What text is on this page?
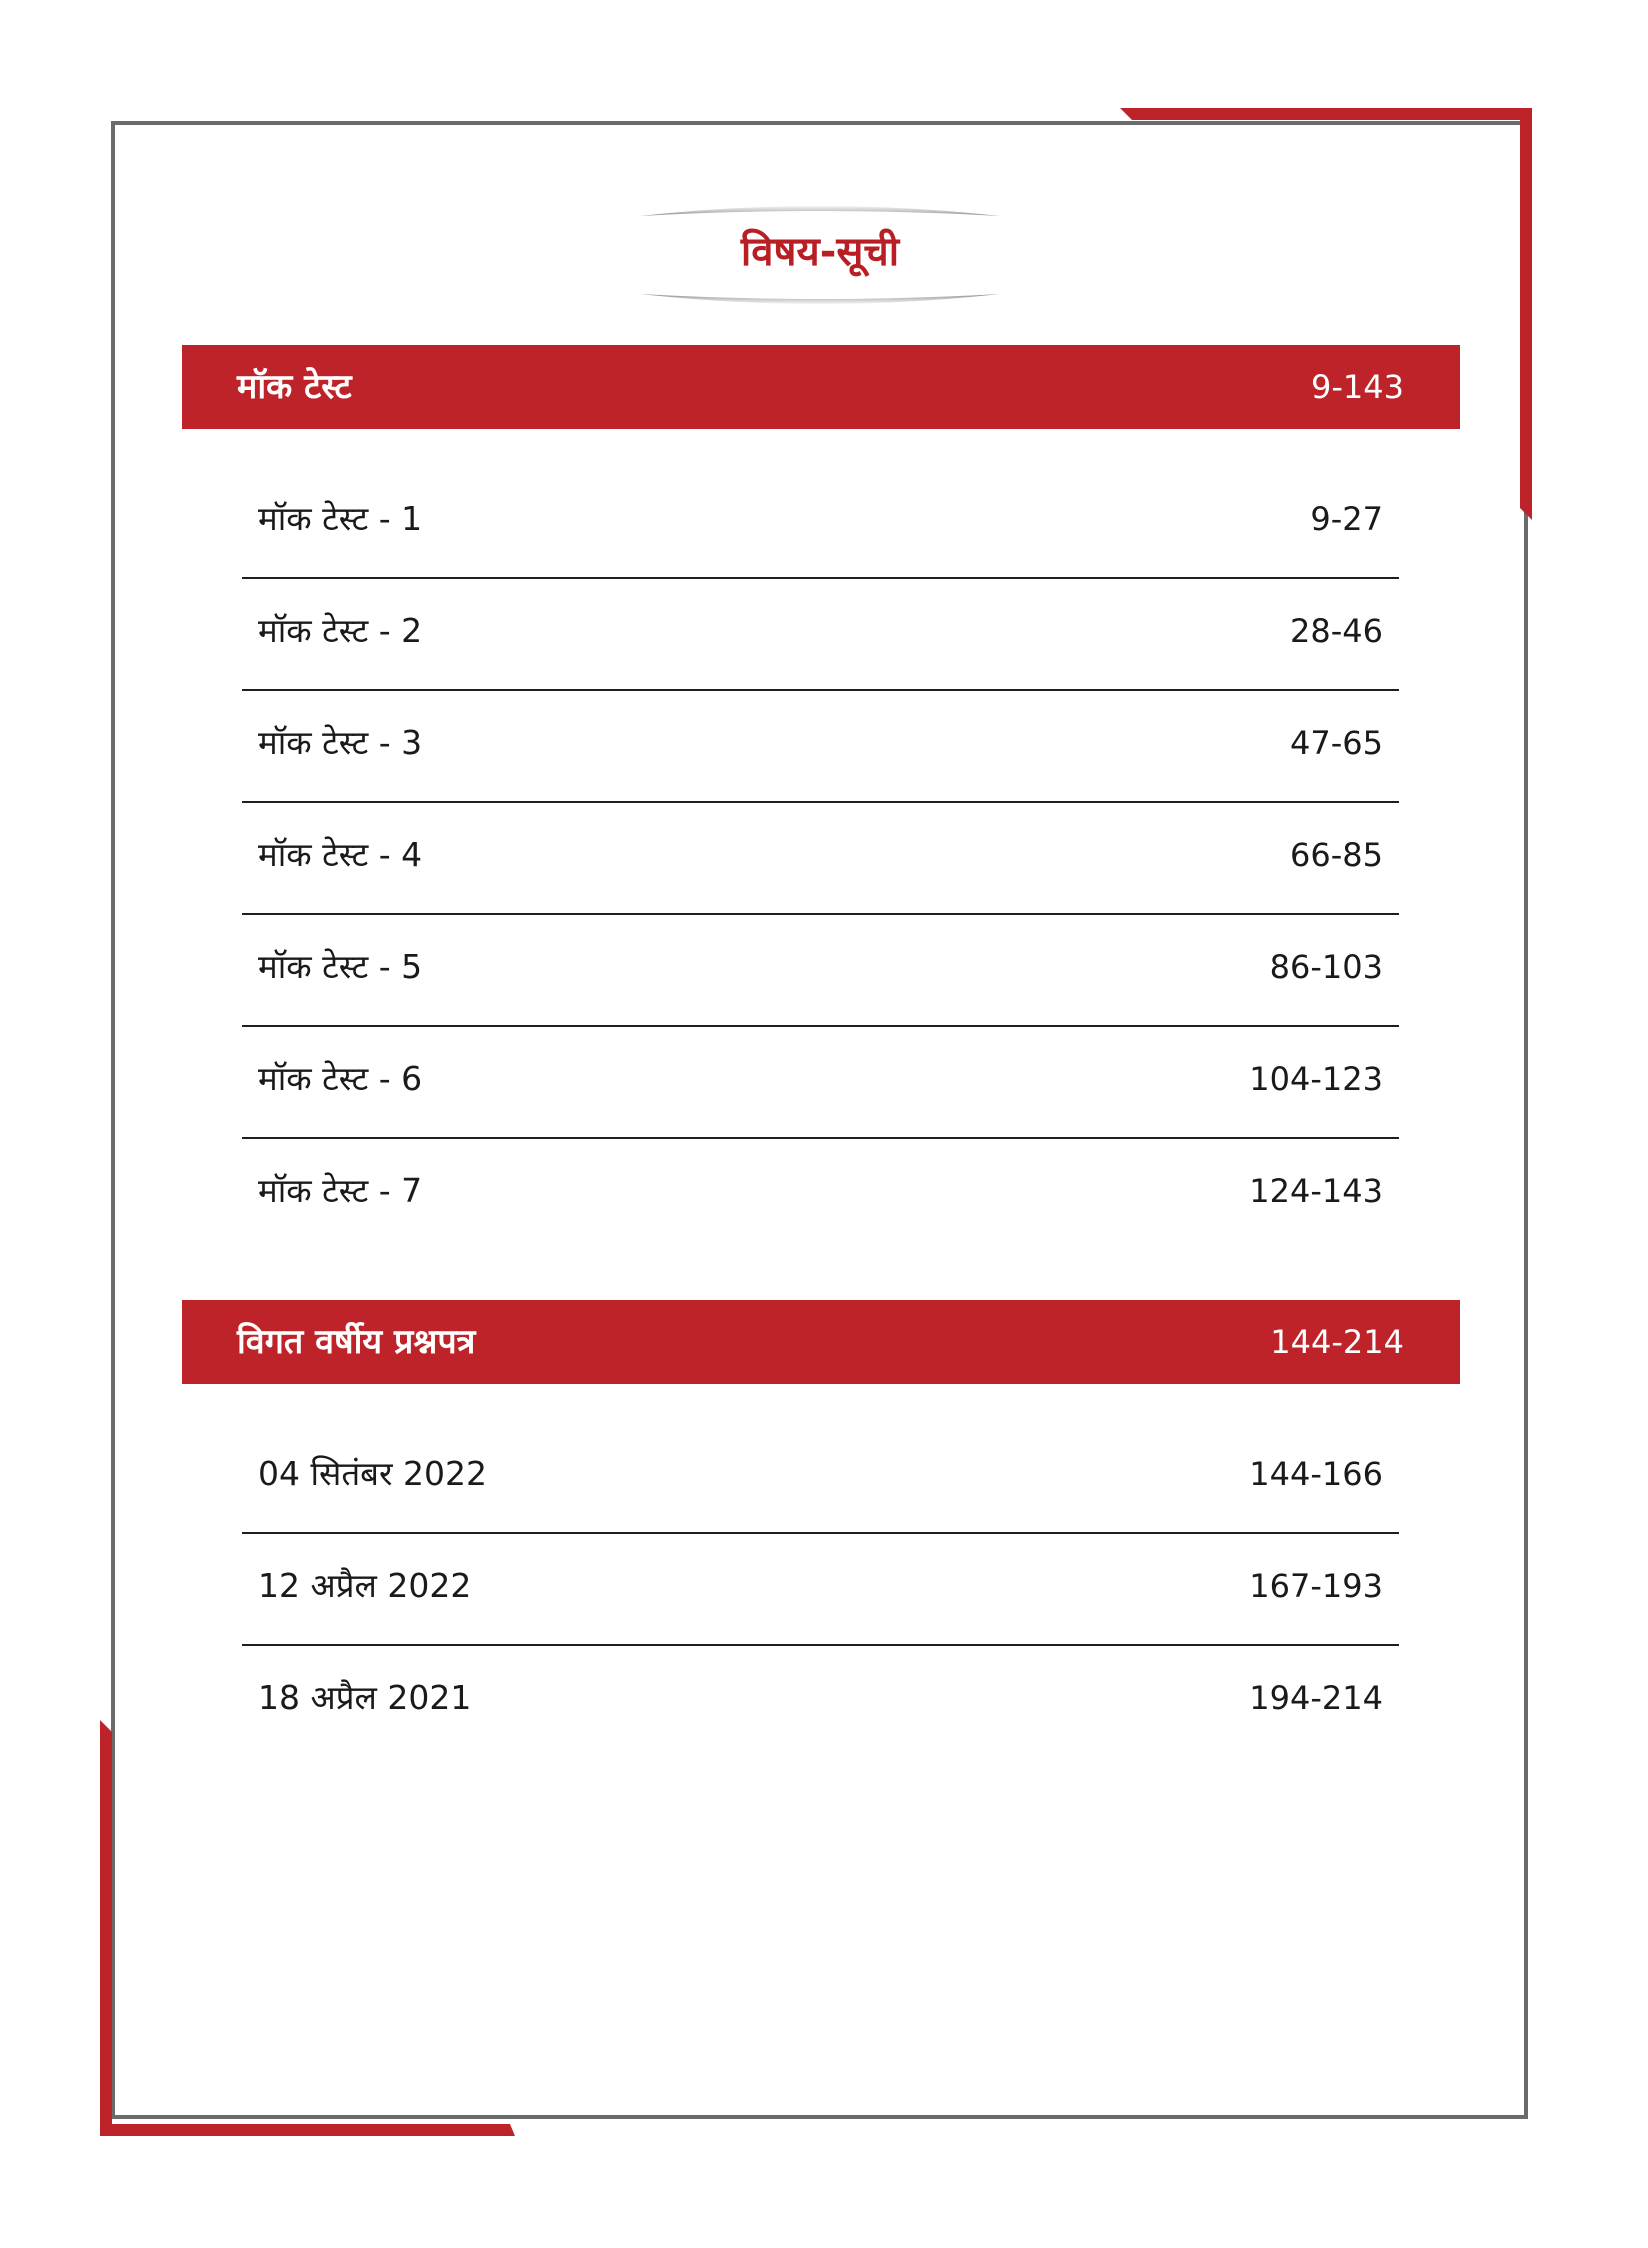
विषय-सूची
मॉक टेस्ट	9-143
मॉक टेस्ट - 1	9-27
मॉक टेस्ट - 2	28-46
मॉक टेस्ट - 3	47-65
मॉक टेस्ट - 4	66-85
मॉक टेस्ट - 5	86-103
मॉक टेस्ट - 6	104-123
मॉक टेस्ट - 7	124-143
विगत वर्षीय प्रश्नपत्र	144-214
04 सितंबर 2022	144-166
12 अप्रैल 2022	167-193
18 अप्रैल 2021	194-214
